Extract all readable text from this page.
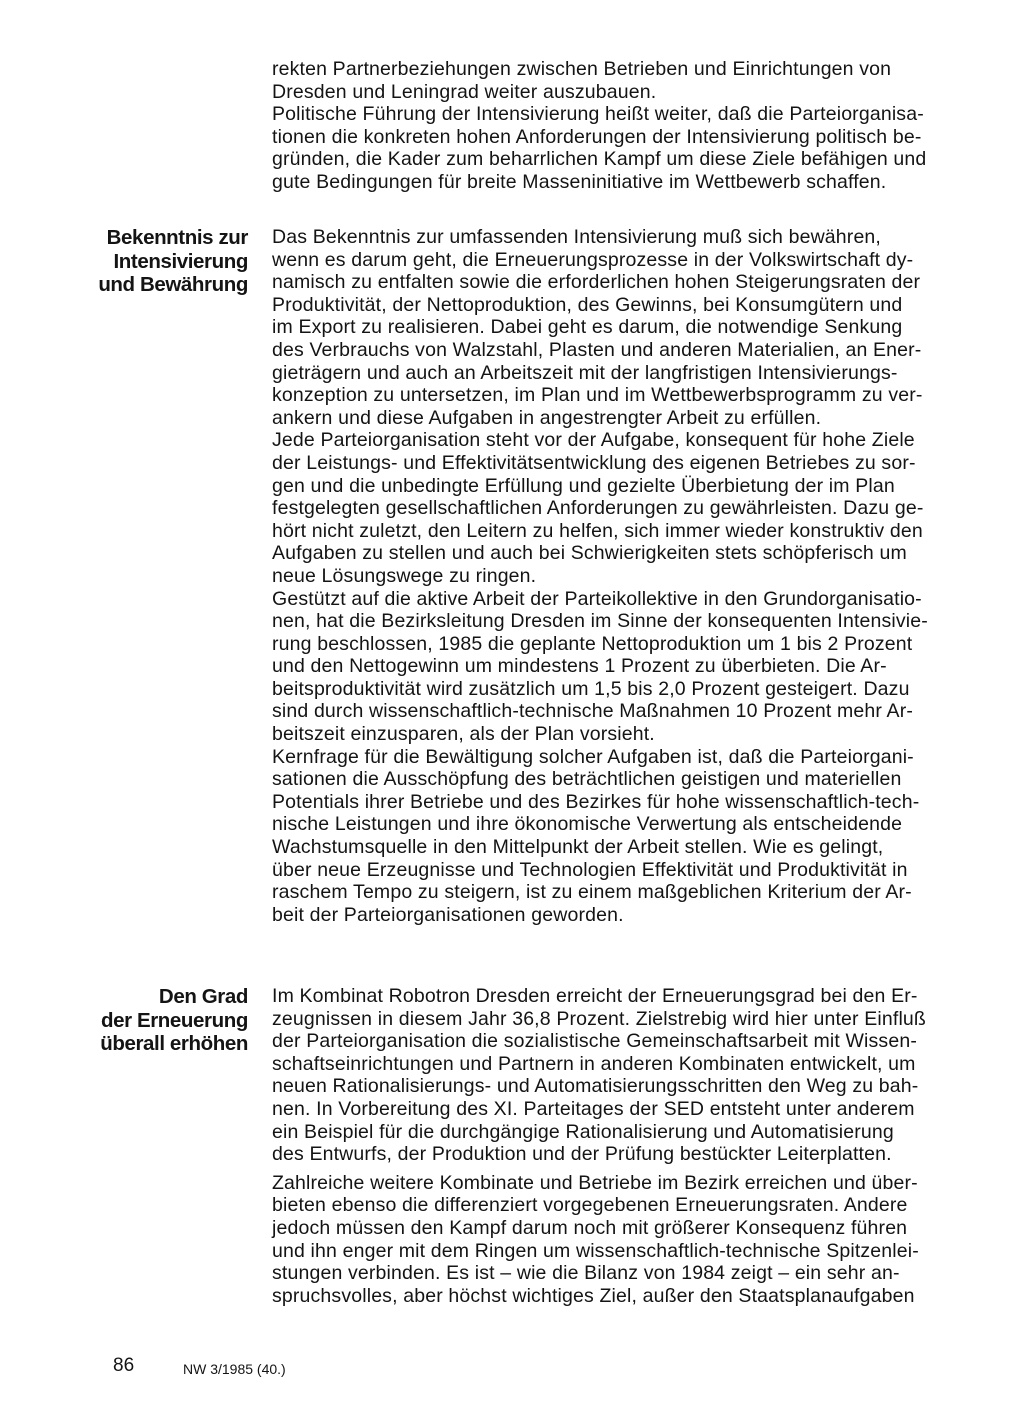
rekten Partnerbeziehungen zwischen Betrieben und Einrichtungen von
Dresden und Leningrad weiter auszubauen.
Politische Führung der Intensivierung heißt weiter, daß die Parteiorganisa-
tionen die konkreten hohen Anforderungen der Intensivierung politisch be-
gründen, die Kader zum beharrlichen Kampf um diese Ziele befähigen und
gute Bedingungen für breite Masseninitiative im Wettbewerb schaffen.
Bekenntnis zur
Intensivierung
und Bewährung
Das Bekenntnis zur umfassenden Intensivierung muß sich bewähren,
wenn es darum geht, die Erneuerungsprozesse in der Volkswirtschaft dy-
namisch zu entfalten sowie die erforderlichen hohen Steigerungsraten der
Produktivität, der Nettoproduktion, des Gewinns, bei Konsumgütern und
im Export zu realisieren. Dabei geht es darum, die notwendige Senkung
des Verbrauchs von Walzstahl, Plasten und anderen Materialien, an Ener-
gieträgern und auch an Arbeitszeit mit der langfristigen Intensivierungs-
konzeption zu untersetzen, im Plan und im Wettbewerbsprogramm zu ver-
ankern und diese Aufgaben in angestrengter Arbeit zu erfüllen.
Jede Parteiorganisation steht vor der Aufgabe, konsequent für hohe Ziele
der Leistungs- und Effektivitätsentwicklung des eigenen Betriebes zu sor-
gen und die unbedingte Erfüllung und gezielte Überbietung der im Plan
festgelegten gesellschaftlichen Anforderungen zu gewährleisten. Dazu ge-
hört nicht zuletzt, den Leitern zu helfen, sich immer wieder konstruktiv den
Aufgaben zu stellen und auch bei Schwierigkeiten stets schöpferisch um
neue Lösungswege zu ringen.
Gestützt auf die aktive Arbeit der Parteikollektive in den Grundorganisatio-
nen, hat die Bezirksleitung Dresden im Sinne der konsequenten Intensivie-
rung beschlossen, 1985 die geplante Nettoproduktion um 1 bis 2 Prozent
und den Nettogewinn um mindestens 1 Prozent zu überbieten. Die Ar-
beitsproduktivität wird zusätzlich um 1,5 bis 2,0 Prozent gesteigert. Dazu
sind durch wissenschaftlich-technische Maßnahmen 10 Prozent mehr Ar-
beitszeit einzusparen, als der Plan vorsieht.
Kernfrage für die Bewältigung solcher Aufgaben ist, daß die Parteiorgani-
sationen die Ausschöpfung des beträchtlichen geistigen und materiellen
Potentials ihrer Betriebe und des Bezirkes für hohe wissenschaftlich-tech-
nische Leistungen und ihre ökonomische Verwertung als entscheidende
Wachstumsquelle in den Mittelpunkt der Arbeit stellen. Wie es gelingt,
über neue Erzeugnisse und Technologien Effektivität und Produktivität in
raschem Tempo zu steigern, ist zu einem maßgeblichen Kriterium der Ar-
beit der Parteiorganisationen geworden.
Den Grad
der Erneuerung
überall erhöhen
Im Kombinat Robotron Dresden erreicht der Erneuerungsgrad bei den Er-
zeugnissen in diesem Jahr 36,8 Prozent. Zielstrebig wird hier unter Einfluß
der Parteiorganisation die sozialistische Gemeinschaftsarbeit mit Wissen-
schaftseinrichtungen und Partnern in anderen Kombinaten entwickelt, um
neuen Rationalisierungs- und Automatisierungsschritten den Weg zu bah-
nen. In Vorbereitung des XI. Parteitages der SED entsteht unter anderem
ein Beispiel für die durchgängige Rationalisierung und Automatisierung
des Entwurfs, der Produktion und der Prüfung bestückter Leiterplatten.
Zahlreiche weitere Kombinate und Betriebe im Bezirk erreichen und über-
bieten ebenso die differenziert vorgegebenen Erneuerungsraten. Andere
jedoch müssen den Kampf darum noch mit größerer Konsequenz führen
und ihn enger mit dem Ringen um wissenschaftlich-technische Spitzenlei-
stungen verbinden. Es ist – wie die Bilanz von 1984 zeigt – ein sehr an-
spruchsvolles, aber höchst wichtiges Ziel, außer den Staatsplanaufgaben
86	NW 3/1985 (40.)
